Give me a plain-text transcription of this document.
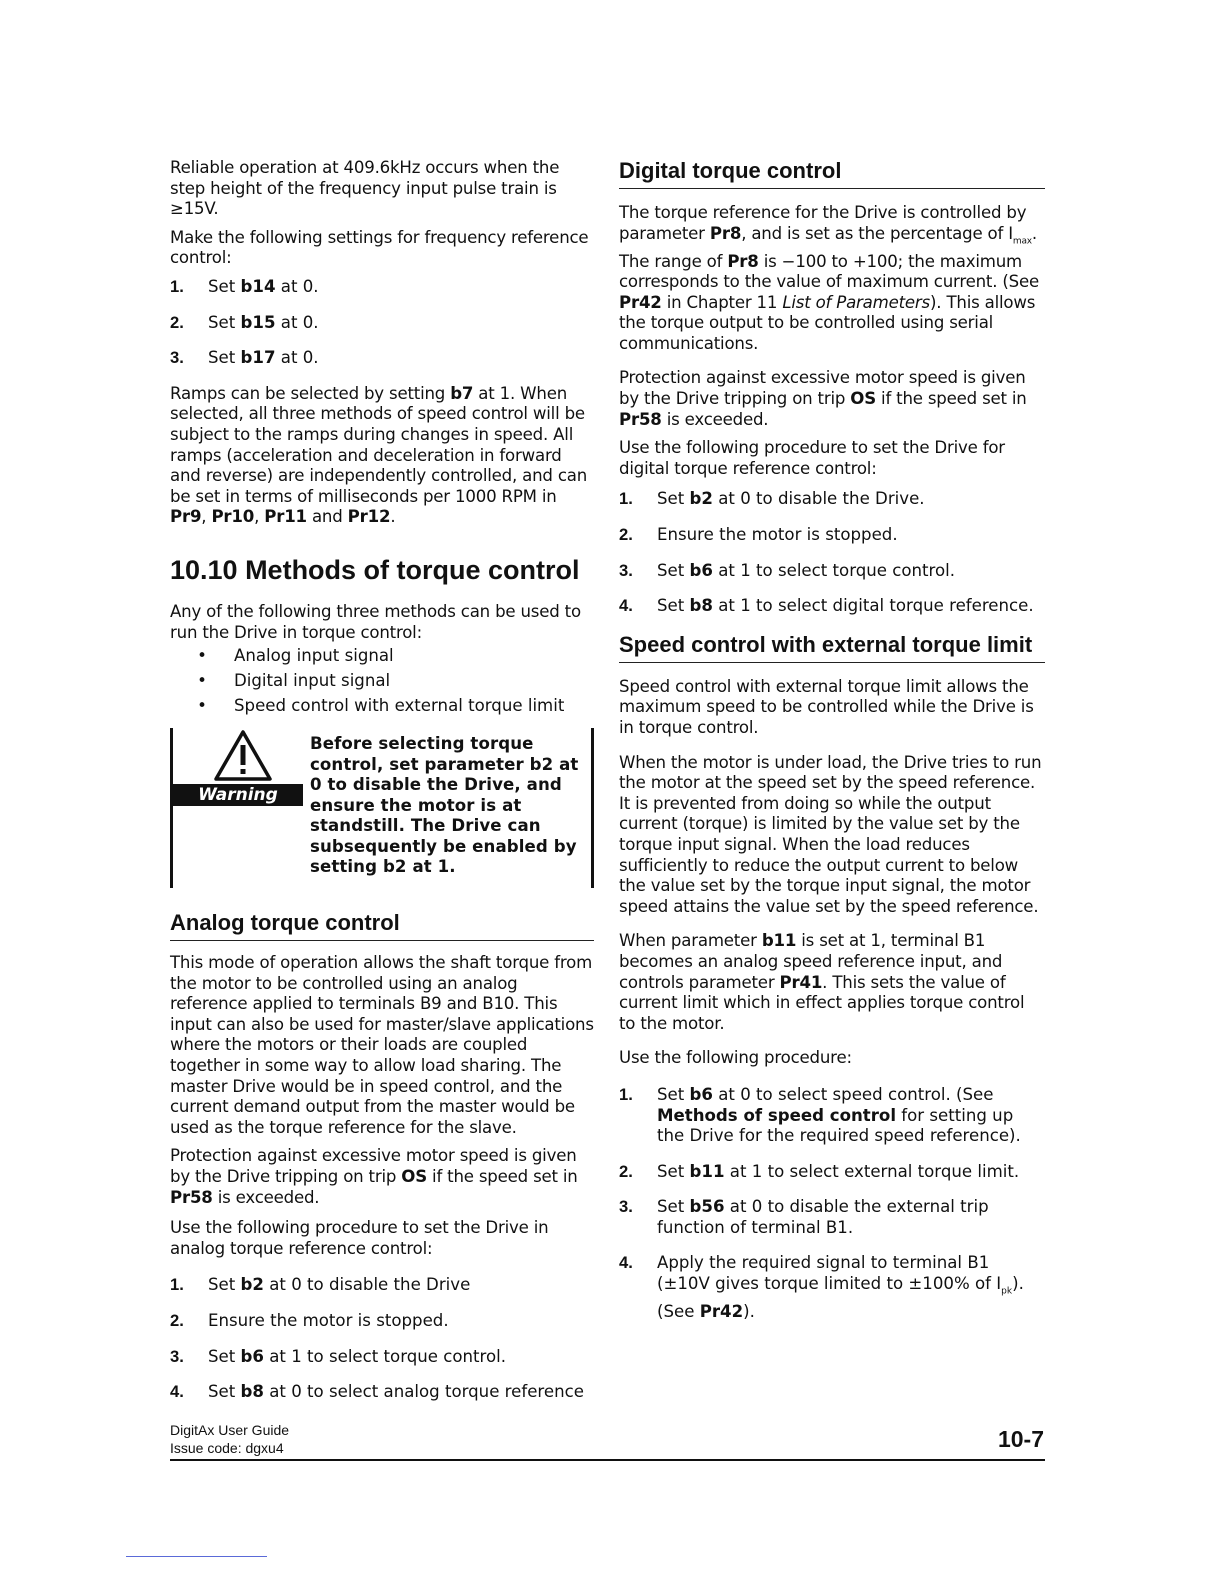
Reliable operation at 409.6kHz occurs when the step height of the frequency input pulse train is ≥15V.

Make the following settings for frequency reference control:

1.	Set b14 at 0.
2.	Set b15 at 0.
3.	Set b17 at 0.

Ramps can be selected by setting b7 at 1. When selected, all three methods of speed control will be subject to the ramps during changes in speed. All ramps (acceleration and deceleration in forward and reverse) are independently controlled, and can be set in terms of milliseconds per 1000 RPM in Pr9, Pr10, Pr11 and Pr12.

10.10 Methods of torque control

Any of the following three methods can be used to run the Drive in torque control:

•	Analog input signal
•	Digital input signal
•	Speed control with external torque limit
Warning
Before selecting torque control, set parameter b2 at 0 to disable the Drive, and ensure the motor is at standstill. The Drive can subsequently be enabled by setting b2 at 1.
Analog torque control

This mode of operation allows the shaft torque from the motor to be controlled using an analog reference applied to terminals B9 and B10. This input can also be used for master/slave applications where the motors or their loads are coupled together in some way to allow load sharing. The master Drive would be in speed control, and the current demand output from the master would be used as the torque reference for the slave.

Protection against excessive motor speed is given by the Drive tripping on trip OS if the speed set in Pr58 is exceeded.

Use the following procedure to set the Drive in analog torque reference control:

1.	Set b2 at 0 to disable the Drive
2.	Ensure the motor is stopped.
3.	Set b6 at 1 to select torque control.
4.	Set b8 at 0 to select analog torque reference
Digital torque control

The torque reference for the Drive is controlled by parameter Pr8, and is set as the percentage of $I_{max}$. The range of Pr8 is −100 to +100; the maximum corresponds to the value of maximum current. (See Pr42 in Chapter 11 List of Parameters). This allows the torque output to be controlled using serial communications.

Protection against excessive motor speed is given by the Drive tripping on trip OS if the speed set in Pr58 is exceeded.

Use the following procedure to set the Drive for digital torque reference control:

1.	Set b2 at 0 to disable the Drive.
2.	Ensure the motor is stopped.
3.	Set b6 at 1 to select torque control.
4.	Set b8 at 1 to select digital torque reference.
Speed control with external torque limit

Speed control with external torque limit allows the maximum speed to be controlled while the Drive is in torque control.

When the motor is under load, the Drive tries to run the motor at the speed set by the speed reference. It is prevented from doing so while the output current (torque) is limited by the value set by the torque input signal. When the load reduces sufficiently to reduce the output current to below the value set by the torque input signal, the motor speed attains the value set by the speed reference.

When parameter b11 is set at 1, terminal B1 becomes an analog speed reference input, and controls parameter Pr41. This sets the value of current limit which in effect applies torque control to the motor.

Use the following procedure:

1.	Set b6 at 0 to select speed control. (See Methods of speed control for setting up the Drive for the required speed reference).
2.	Set b11 at 1 to select external torque limit.
3.	Set b56 at 0 to disable the external trip function of terminal B1.
4.	Apply the required signal to terminal B1 (±10V gives torque limited to ±100% of $I_{pk}$).
(See Pr42).
DigitAx User Guide
Issue code: dgxu4	10-7
